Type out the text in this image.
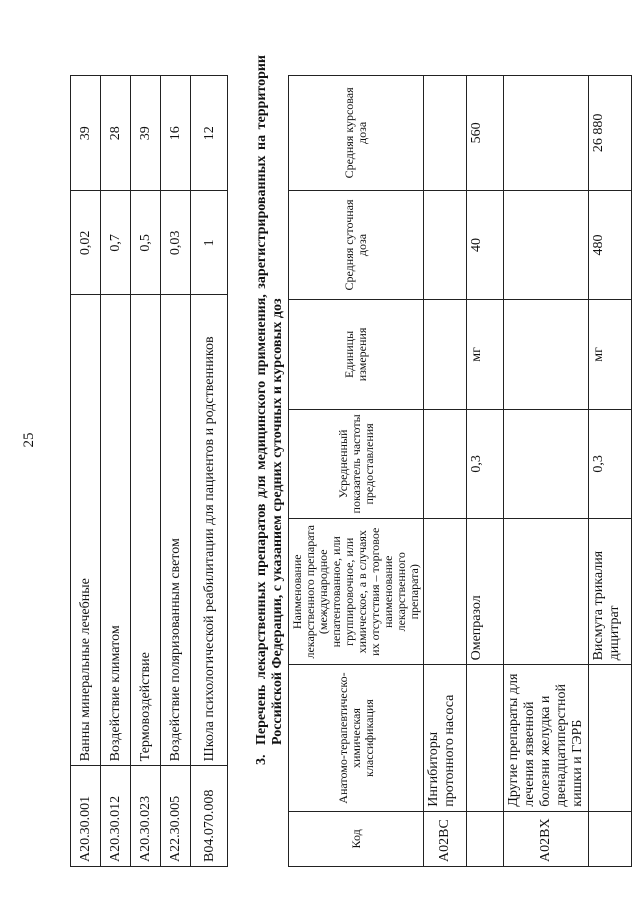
25
A20.30.001	Ванны минеральные лечебные	0,02	39
A20.30.012	Воздействие климатом	0,7	28
A20.30.023	Термовоздействие	0,5	39
A22.30.005	Воздействие поляризованным светом	0,03	16
B04.070.008	Школа психологической реабилитации для пациентов и родственников	1	12
3.
Перечень лекарственных препаратов для медицинского применения, зарегистрированных на территории Российской Федерации, с указанием средних суточных и курсовых доз
Код	Анатомо-терапевтическо-химическая классификация	Наименование лекарственного препарата (международное непатентованное, или группировочное, или химическое, а в случаях их отсутствия – торговое наименование лекарственного препарата)	Усредненный показатель частоты предоставления	Единицы измерения	Средняя суточная доза	Средняя курсовая доза
A02BC	Ингибиторы протонного насоса					
		Омепразол	0,3	мг	40	560
A02BX	Другие препараты для лечения язвенной болезни желудка и двенадцатиперстной кишки и ГЭРБ					
		Висмута трикалия дицитрат	0,3	мг	480	26 880
